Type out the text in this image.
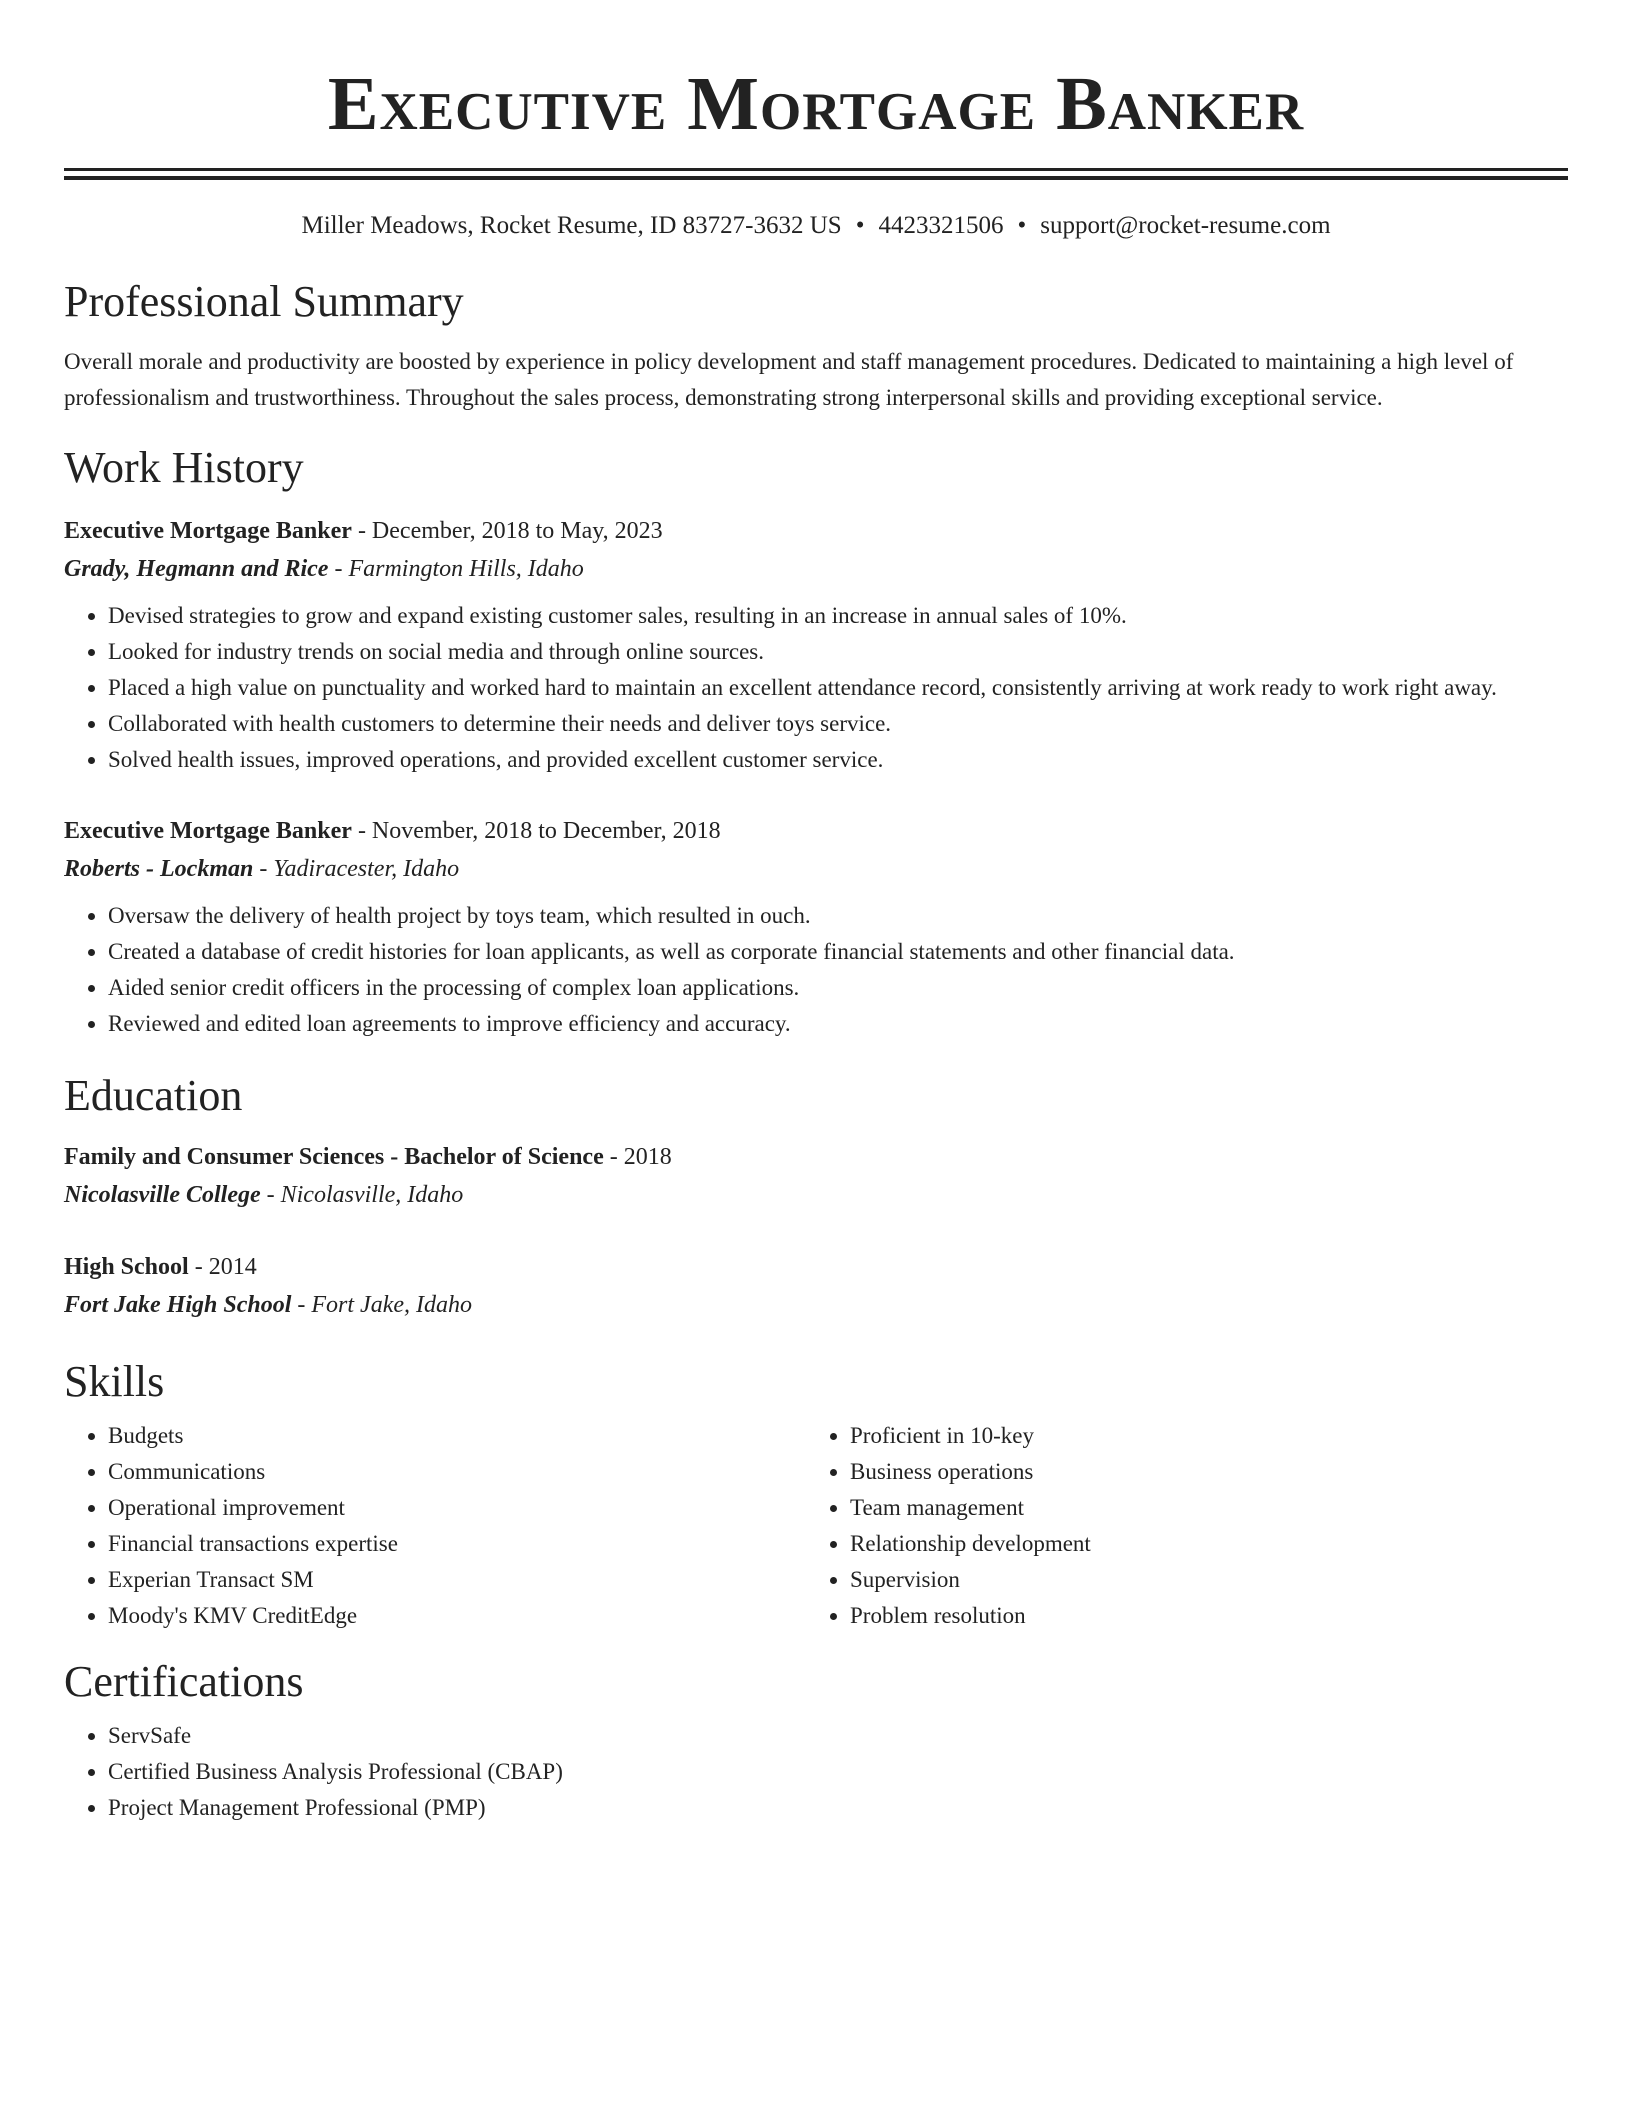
Executive Mortgage Banker
Miller Meadows, Rocket Resume, ID 83727-3632 US • 4423321506 • support@rocket-resume.com
Professional Summary

Overall morale and productivity are boosted by experience in policy development and staff management procedures. Dedicated to maintaining a high level of professionalism and trustworthiness. Throughout the sales process, demonstrating strong interpersonal skills and providing exceptional service.

Work History
Executive Mortgage Banker - December, 2018 to May, 2023
Grady, Hegmann and Rice - Farmington Hills, Idaho
• Devised strategies to grow and expand existing customer sales, resulting in an increase in annual sales of 10%.
• Looked for industry trends on social media and through online sources.
• Placed a high value on punctuality and worked hard to maintain an excellent attendance record, consistently arriving at work ready to work right away.
• Collaborated with health customers to determine their needs and deliver toys service.
• Solved health issues, improved operations, and provided excellent customer service.
Executive Mortgage Banker - November, 2018 to December, 2018
Roberts - Lockman - Yadiracester, Idaho
• Oversaw the delivery of health project by toys team, which resulted in ouch.
• Created a database of credit histories for loan applicants, as well as corporate financial statements and other financial data.
• Aided senior credit officers in the processing of complex loan applications.
• Reviewed and edited loan agreements to improve efficiency and accuracy.
Education
Family and Consumer Sciences - Bachelor of Science - 2018
Nicolasville College - Nicolasville, Idaho
High School - 2014
Fort Jake High School - Fort Jake, Idaho
Skills
• Budgets
• Communications
• Operational improvement
• Financial transactions expertise
• Experian Transact SM
• Moody's KMV CreditEdge
• Proficient in 10-key
• Business operations
• Team management
• Relationship development
• Supervision
• Problem resolution
Certifications
• ServSafe
• Certified Business Analysis Professional (CBAP)
• Project Management Professional (PMP)
